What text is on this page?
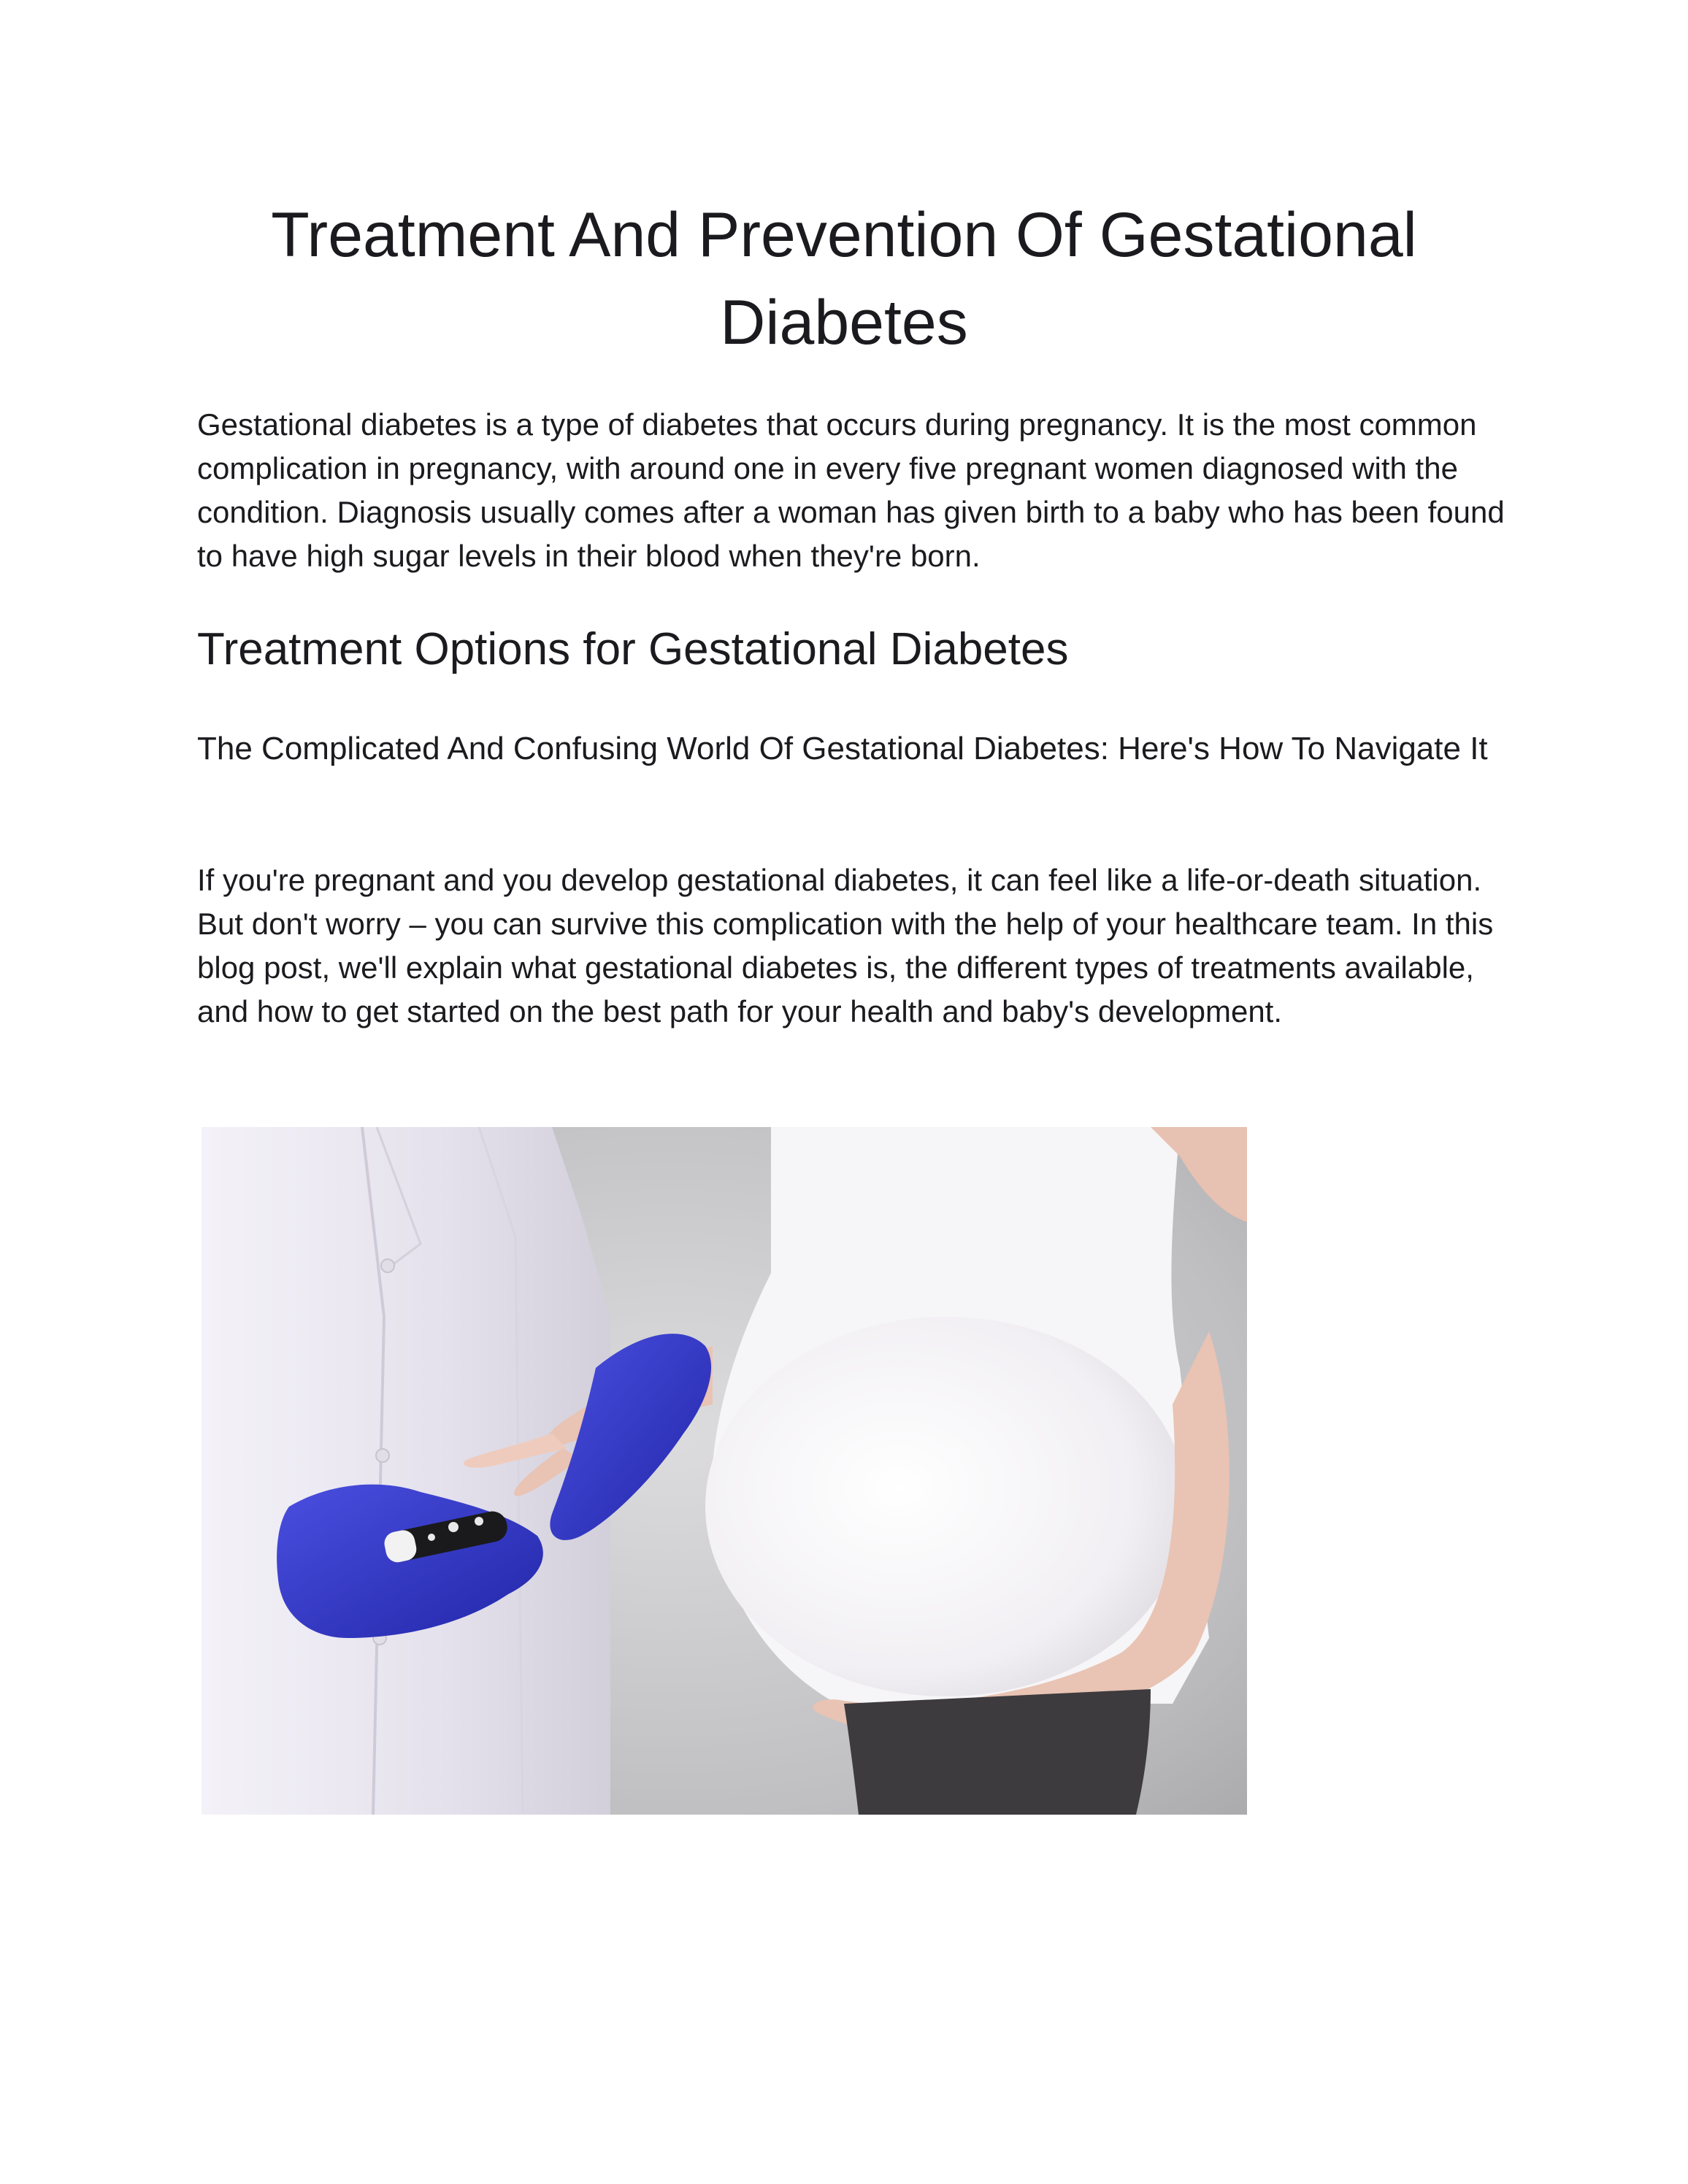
Treatment And Prevention Of Gestational Diabetes

Gestational diabetes is a type of diabetes that occurs during pregnancy. It is the most common complication in pregnancy, with around one in every five pregnant women diagnosed with the condition. Diagnosis usually comes after a woman has given birth to a baby who has been found to have high sugar levels in their blood when they're born.

Treatment Options for Gestational Diabetes
The Complicated And Confusing World Of Gestational Diabetes: Here's How To Navigate It

If you're pregnant and you develop gestational diabetes, it can feel like a life-or-death situation. But don't worry – you can survive this complication with the help of your healthcare team. In this blog post, we'll explain what gestational diabetes is, the different types of treatments available, and how to get started on the best path for your health and baby's development.
